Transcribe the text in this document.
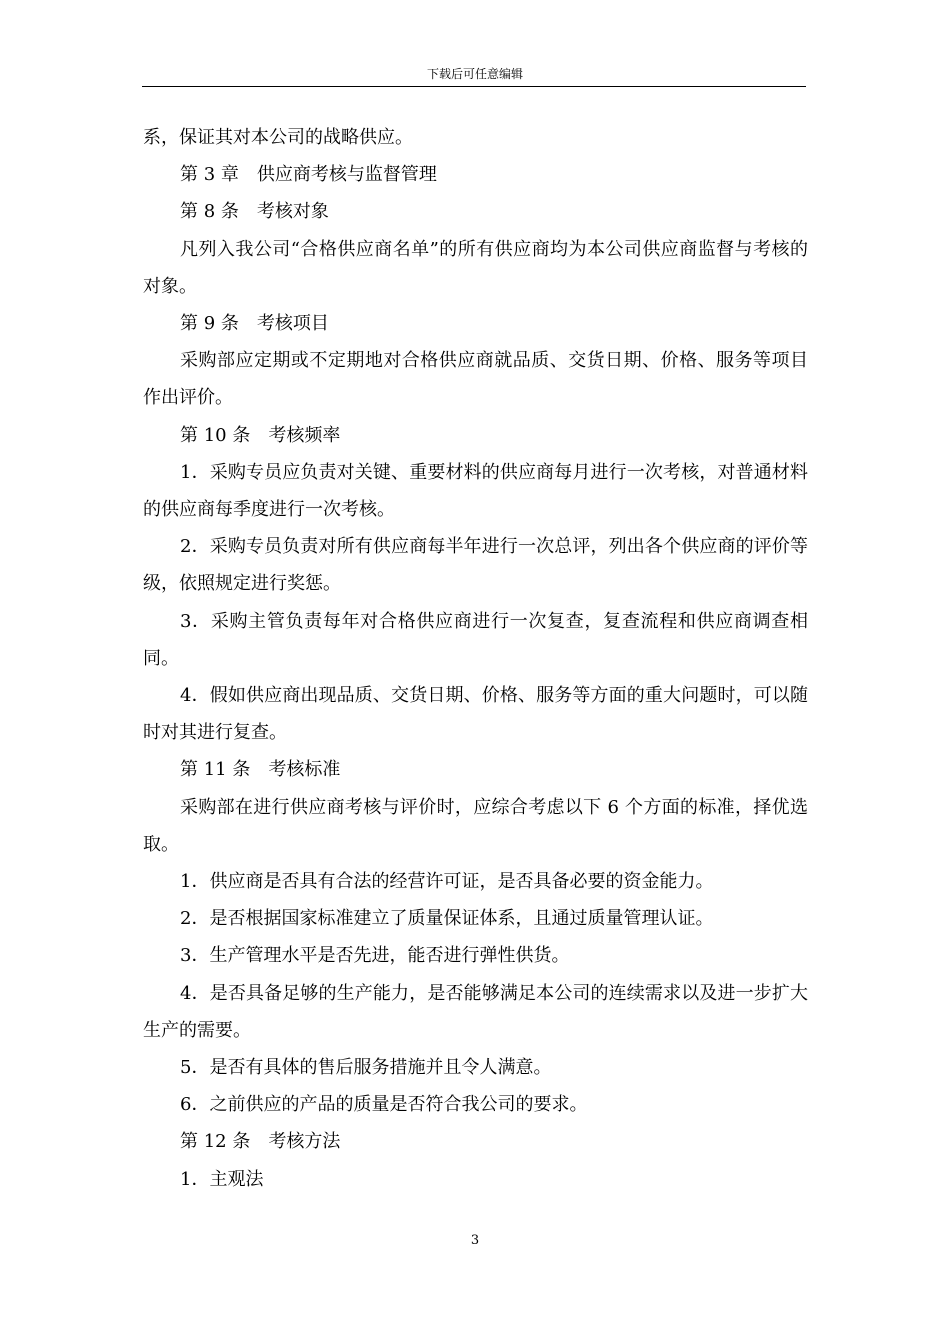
下载后可任意编辑

系，保证其对本公司的战略供应。

第 3 章　供应商考核与监督管理

第 8 条　考核对象

凡列入我公司“合格供应商名单”的所有供应商均为本公司供应商监督与考核的对象。

第 9 条　考核项目

采购部应定期或不定期地对合格供应商就品质、交货日期、价格、服务等项目作出评价。

第 10 条　考核频率

1．采购专员应负责对关键、重要材料的供应商每月进行一次考核，对普通材料的供应商每季度进行一次考核。

2．采购专员负责对所有供应商每半年进行一次总评，列出各个供应商的评价等级，依照规定进行奖惩。

3．采购主管负责每年对合格供应商进行一次复查，复查流程和供应商调查相同。

4．假如供应商出现品质、交货日期、价格、服务等方面的重大问题时，可以随时对其进行复查。

第 11 条　考核标准

采购部在进行供应商考核与评价时，应综合考虑以下 6 个方面的标准，择优选取。

1．供应商是否具有合法的经营许可证，是否具备必要的资金能力。

2．是否根据国家标准建立了质量保证体系，且通过质量管理认证。

3．生产管理水平是否先进，能否进行弹性供货。

4．是否具备足够的生产能力，是否能够满足本公司的连续需求以及进一步扩大生产的需要。

5．是否有具体的售后服务措施并且令人满意。

6．之前供应的产品的质量是否符合我公司的要求。

第 12 条　考核方法

1．主观法

3
